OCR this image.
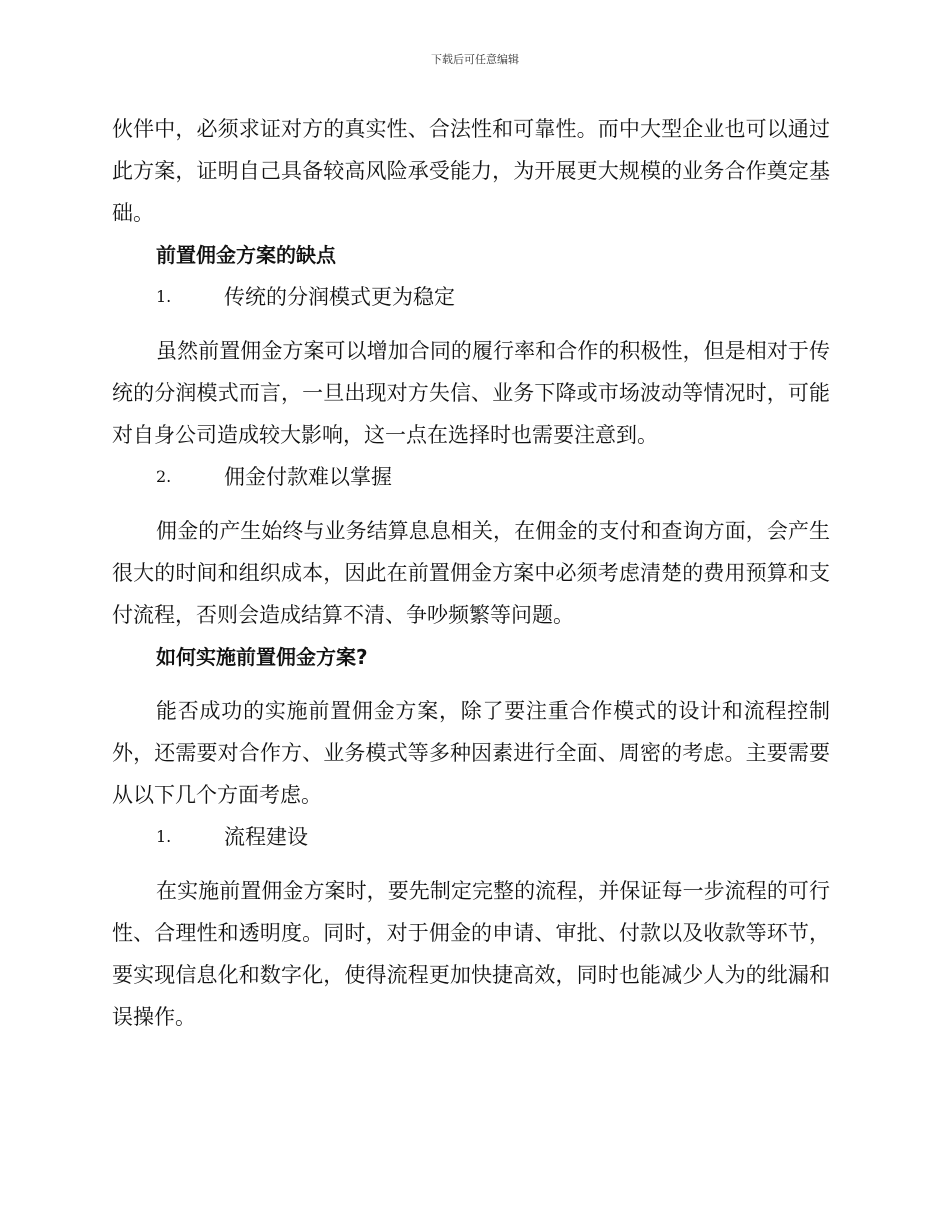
下载后可任意编辑

伙伴中，必须求证对方的真实性、合法性和可靠性。而中大型企业也可以通过此方案，证明自己具备较高风险承受能力，为开展更大规模的业务合作奠定基础。

前置佣金方案的缺点

1.	传统的分润模式更为稳定

虽然前置佣金方案可以增加合同的履行率和合作的积极性，但是相对于传统的分润模式而言，一旦出现对方失信、业务下降或市场波动等情况时，可能对自身公司造成较大影响，这一点在选择时也需要注意到。

2.	佣金付款难以掌握

佣金的产生始终与业务结算息息相关，在佣金的支付和查询方面，会产生很大的时间和组织成本，因此在前置佣金方案中必须考虑清楚的费用预算和支付流程，否则会造成结算不清、争吵频繁等问题。

如何实施前置佣金方案?

能否成功的实施前置佣金方案，除了要注重合作模式的设计和流程控制外，还需要对合作方、业务模式等多种因素进行全面、周密的考虑。主要需要从以下几个方面考虑。

1.	流程建设

在实施前置佣金方案时，要先制定完整的流程，并保证每一步流程的可行性、合理性和透明度。同时，对于佣金的申请、审批、付款以及收款等环节，要实现信息化和数字化，使得流程更加快捷高效，同时也能减少人为的纰漏和误操作。
